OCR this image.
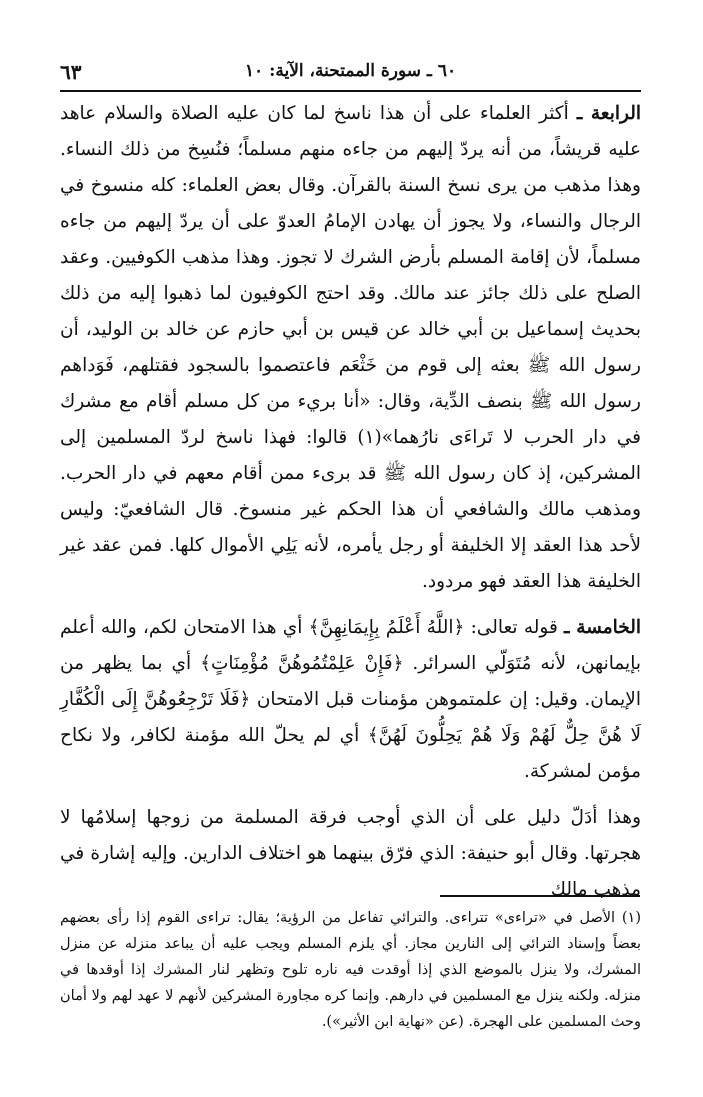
٦٠ ـ سورة الممتحنة، الآية: ١٠
٦٣

الرابعة ـ أكثر العلماء على أن هذا ناسخ لما كان عليه الصلاة والسلام عاهد عليه قريشاً، من أنه يردّ إليهم من جاءه منهم مسلماً؛ فنُسِخ من ذلك النساء. وهذا مذهب من يرى نسخ السنة بالقرآن. وقال بعض العلماء: كله منسوخ في الرجال والنساء، ولا يجوز أن يهادن الإمامُ العدوّ على أن يردّ إليهم من جاءه مسلماً، لأن إقامة المسلم بأرض الشرك لا تجوز. وهذا مذهب الكوفيين. وعقد الصلح على ذلك جائز عند مالك. وقد احتج الكوفيون لما ذهبوا إليه من ذلك بحديث إسماعيل بن أبي خالد عن قيس بن أبي حازم عن خالد بن الوليد، أن رسول الله ﷺ بعثه إلى قوم من خَثْعَم فاعتصموا بالسجود فقتلهم، فَوَداهم رسول الله ﷺ بنصف الدِّية، وقال: «أنا بريء من كل مسلم أقام مع مشرك في دار الحرب لا تَراءَى نارُهما»(١) قالوا: فهذا ناسخ لردّ المسلمين إلى المشركين، إذ كان رسول الله ﷺ قد برىء ممن أقام معهم في دار الحرب. ومذهب مالك والشافعي أن هذا الحكم غير منسوخ. قال الشافعيّ: وليس لأحد هذا العقد إلا الخليفة أو رجل يأمره، لأنه يَلِي الأموال كلها. فمن عقد غير الخليفة هذا العقد فهو مردود.

الخامسة ـ قوله تعالى: ﴿اللَّهُ أَعْلَمُ بِإِيمَانِهِنَّ﴾ أي هذا الامتحان لكم، والله أعلم بإيمانهن، لأنه مُتَوَلّي السرائر. ﴿فَإِنْ عَلِمْتُمُوهُنَّ مُؤْمِنَاتٍ﴾ أي بما يظهر من الإيمان. وقيل: إن علمتموهن مؤمنات قبل الامتحان ﴿فَلَا تَرْجِعُوهُنَّ إِلَى الْكُفَّارِ لَا هُنَّ حِلٌّ لَهُمْ وَلَا هُمْ يَحِلُّونَ لَهُنَّ﴾ أي لم يحلّ الله مؤمنة لكافر، ولا نكاح مؤمن لمشركة.

وهذا أدَلّ دليل على أن الذي أوجب فرقة المسلمة من زوجها إسلامُها لا هجرتها. وقال أبو حنيفة: الذي فرّق بينهما هو اختلاف الدارين. وإليه إشارة في مذهب مالك

(١) الأصل في «تراءى» تتراءى. والترائي تفاعل من الرؤية؛ يقال: تراءى القوم إذا رأى بعضهم بعضاً وإسناد الترائي إلى النارين مجاز. أي يلزم المسلم ويجب عليه أن يباعد منزله عن منزل المشرك، ولا ينزل بالموضع الذي إذا أوقدت فيه ناره تلوح وتظهر لنار المشرك إذا أوقدها في منزله. ولكنه ينزل مع المسلمين في دارهم. وإنما كره مجاورة المشركين لأنهم لا عهد لهم ولا أمان وحث المسلمين على الهجرة. (عن «نهاية ابن الأثير»).
